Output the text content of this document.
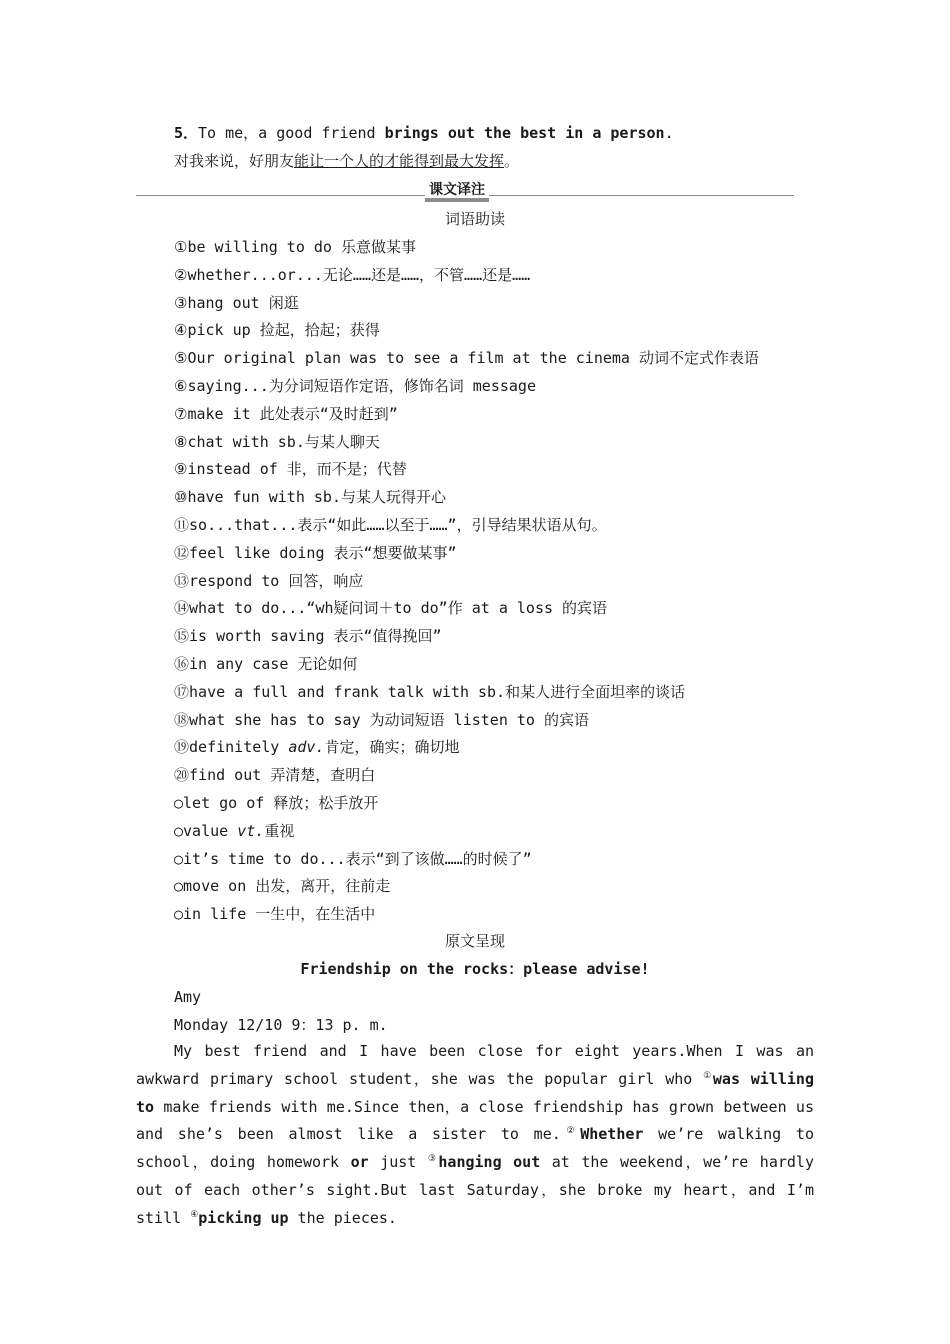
5．To me，a good friend brings out the best in a person.
对我来说，好朋友能让一个人的才能得到最大发挥。
课文译注
词语助读
①be willing to do 乐意做某事
②whether...or...无论……还是……，不管……还是……
③hang out 闲逛
④pick up 捡起，拾起；获得
⑤Our original plan was to see a film at the cinema 动词不定式作表语
⑥saying...为分词短语作定语，修饰名词 message
⑦make it 此处表示“及时赶到”
⑧chat with sb.与某人聊天
⑨instead of 非，而不是；代替
⑩have fun with sb.与某人玩得开心
⑪so...that...表示“如此……以至于……”，引导结果状语从句。
⑫feel like doing 表示“想要做某事”
⑬respond to 回答，响应
⑭what to do...“wh疑问词＋to do”作 at a loss 的宾语
⑮is worth saving 表示“值得挽回”
⑯in any case 无论如何
⑰have a full and frank talk with sb.和某人进行全面坦率的谈话
⑱what she has to say 为动词短语 listen to 的宾语
⑲definitely adv.肯定，确实；确切地
⑳find out 弄清楚，查明白
○let go of 释放；松手放开
○value vt.重视
○it’s time to do...表示“到了该做……的时候了”
○move on 出发，离开，往前走
○in life 一生中，在生活中
原文呈现
Friendship on the rocks：please advise!
Amy
Monday 12/10 9：13 p. m.
My best friend and I have been close for eight years.When I was an awkward primary school student，she was the popular girl who ①was willing to make friends with me.Since then，a close friendship has grown between us and she’s been almost like a sister to me.②Whether we’re walking to school，doing homework or just ③hanging out at the weekend，we’re hardly out of each other’s sight.But last Saturday，she broke my heart，and I’m still ④picking up the pieces.
